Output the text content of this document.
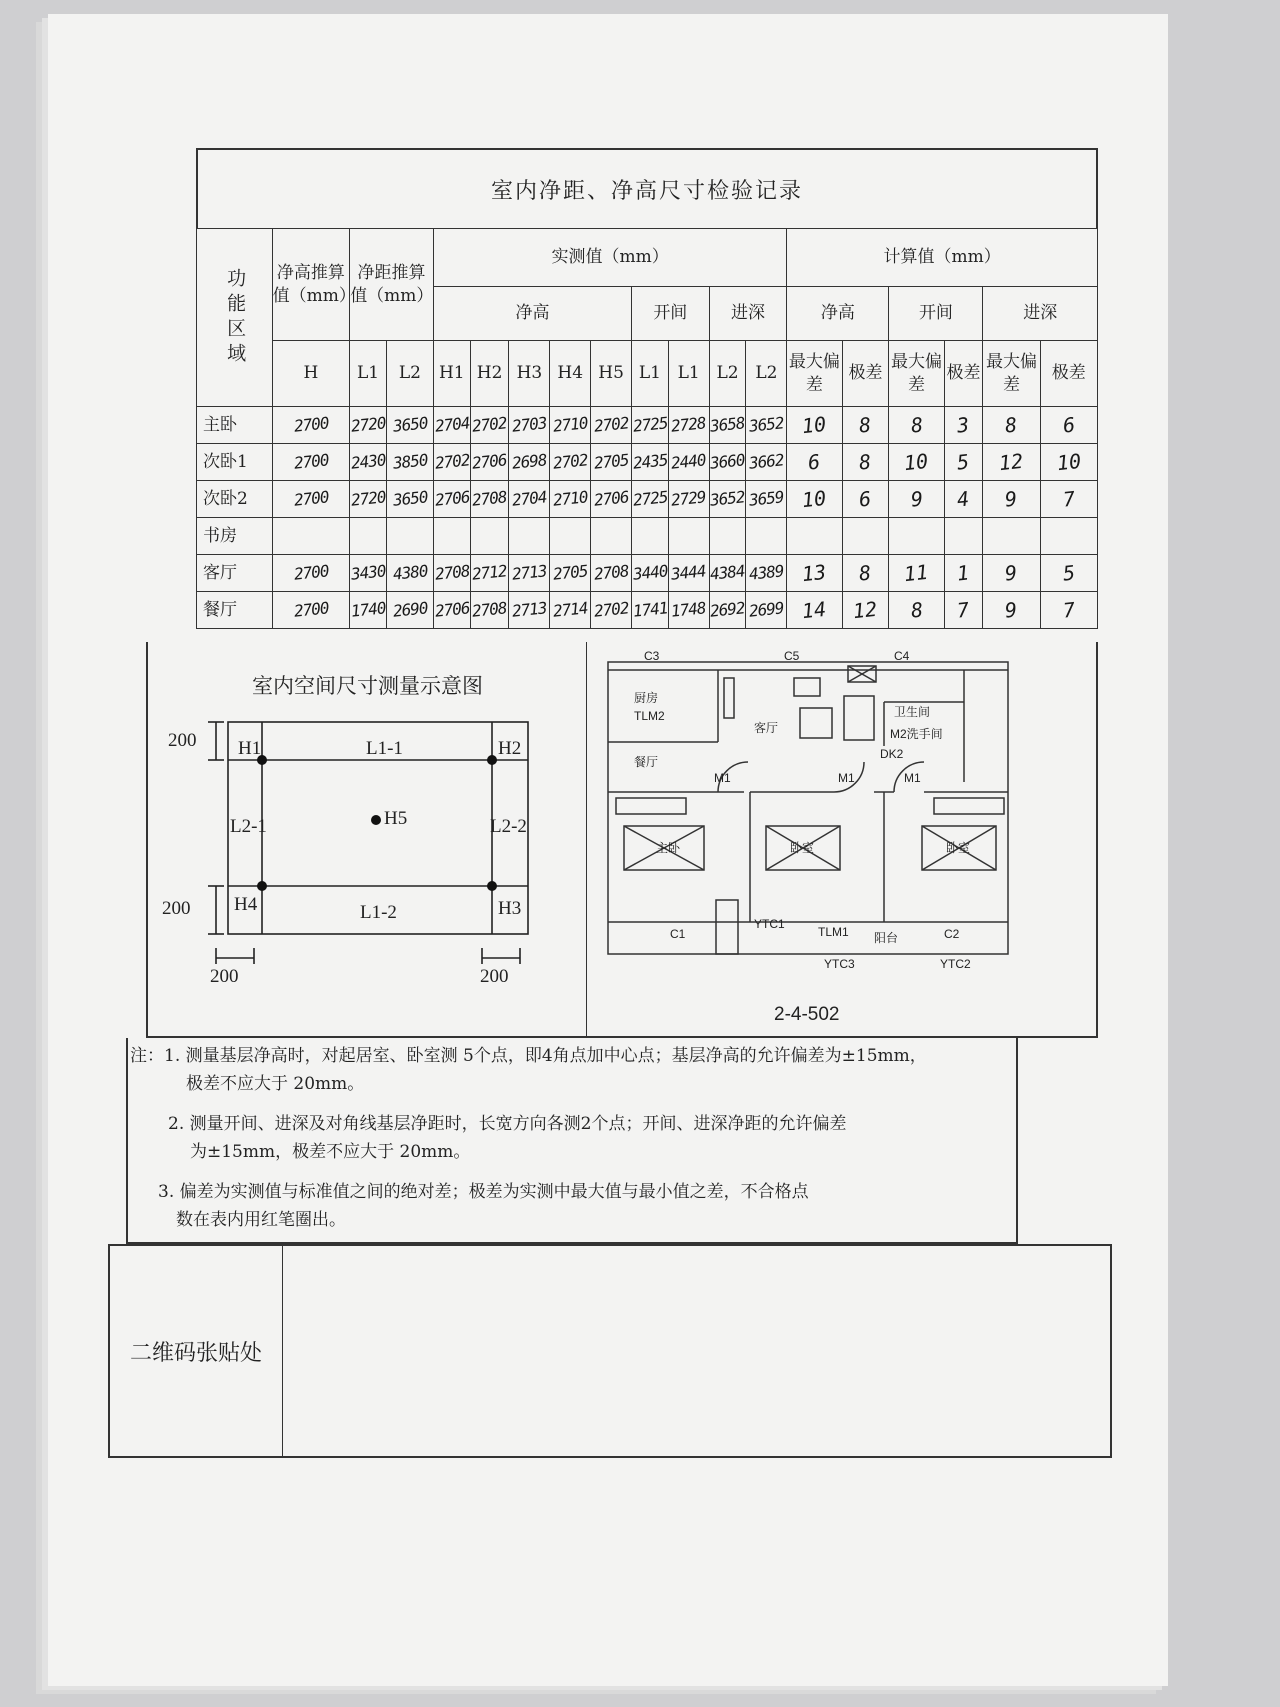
室内净距、净高尺寸检验记录
功能区域	净高推算值（mm）	净距推算值（mm）		实测值（mm）									计算值（mm）					
				净高					开间		进深		净高		开间		进深	
	H	L1	L2	H1	H2	H3	H4	H5	L1	L1	L2	L2	最大偏差	极差	最大偏差	极差	最大偏差	极差
主卧	2700	2720	3650	2704	2702	2703	2710	2702	2725	2728	3658	3652	10	8	8	3	8	6
次卧1	2700	2430	3850	2702	2706	2698	2702	2705	2435	2440	3660	3662	6	8	10	5	12	10
次卧2	2700	2720	3650	2706	2708	2704	2710	2706	2725	2729	3652	3659	10	6	9	4	9	7
书房																		
客厅	2700	3430	4380	2708	2712	2713	2705	2708	3440	3444	4384	4389	13	8	11	1	9	5
餐厅	2700	1740	2690	2706	2708	2713	2714	2702	1741	1748	2692	2699	14	12	8	7	9	7
室内空间尺寸测量示意图
200
200
200	200
H1	H2
H3
H4
H5
L1-1
L1-2
L2-1	L2-2
C3	C5	C4
厨房
TLM2
客厅
卫生间
M2洗手间
DK2
餐厅
M1	M1	M1
主卧	卧室	卧室
C1
YTC1
TLM1 阳台	C2
YTC3	YTC2
2-4-502
注：1. 测量基层净高时，对起居室、卧室测 5个点，即4角点加中心点；基层净高的允许偏差为±15mm，
极差不应大于 20mm。
2. 测量开间、进深及对角线基层净距时，长宽方向各测2个点；开间、进深净距的允许偏差
为±15mm，极差不应大于 20mm。
3. 偏差为实测值与标准值之间的绝对差；极差为实测中最大值与最小值之差，不合格点
数在表内用红笔圈出。
二维码张贴处
